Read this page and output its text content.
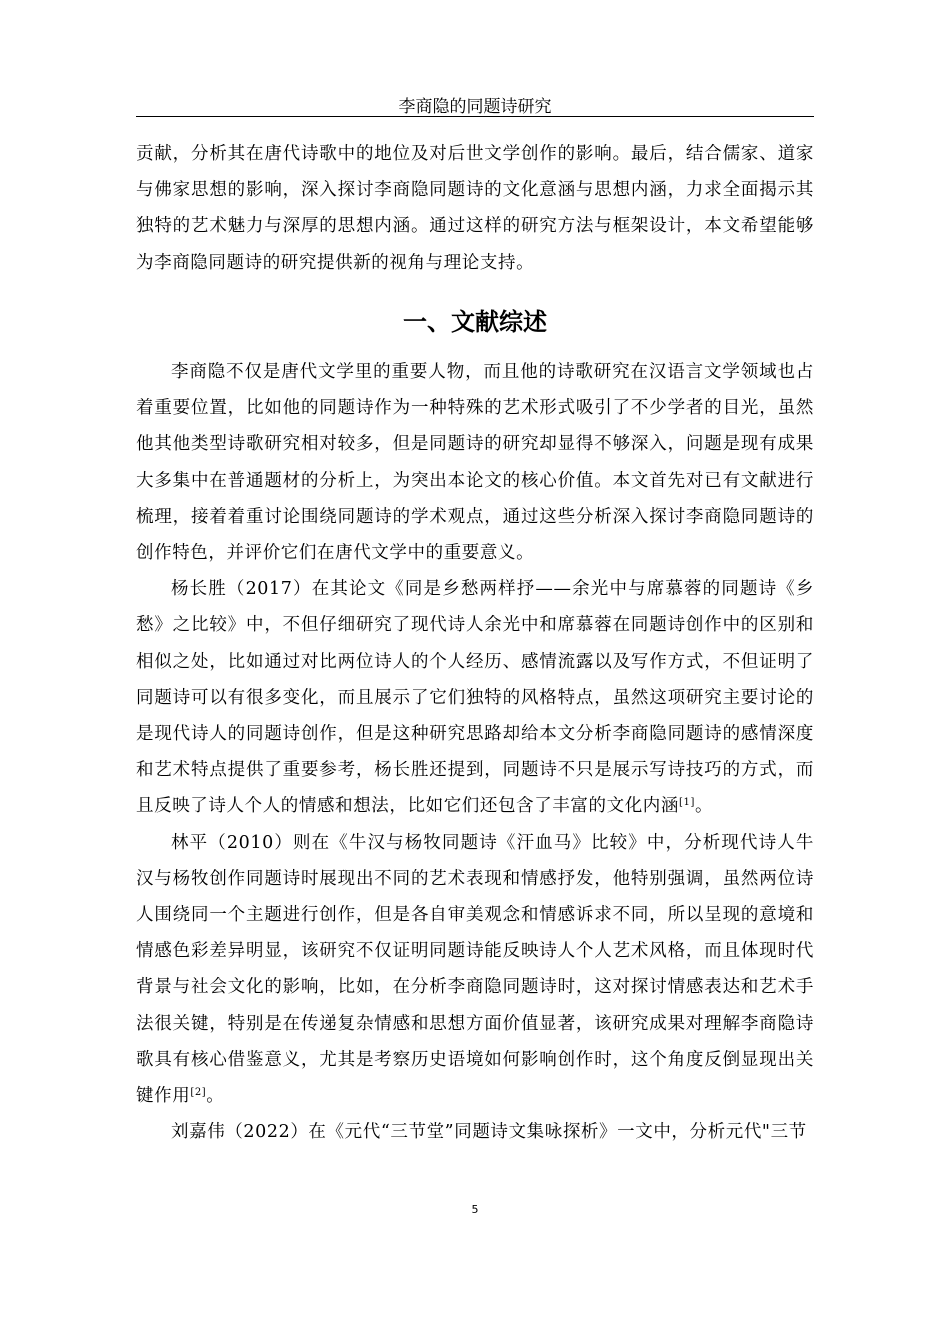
李商隐的同题诗研究

贡献，分析其在唐代诗歌中的地位及对后世文学创作的影响。最后，结合儒家、道家与佛家思想的影响，深入探讨李商隐同题诗的文化意涵与思想内涵，力求全面揭示其独特的艺术魅力与深厚的思想内涵。通过这样的研究方法与框架设计，本文希望能够为李商隐同题诗的研究提供新的视角与理论支持。

一、文献综述

李商隐不仅是唐代文学里的重要人物，而且他的诗歌研究在汉语言文学领域也占着重要位置，比如他的同题诗作为一种特殊的艺术形式吸引了不少学者的目光，虽然他其他类型诗歌研究相对较多，但是同题诗的研究却显得不够深入，问题是现有成果大多集中在普通题材的分析上，为突出本论文的核心价值。本文首先对已有文献进行梳理，接着着重讨论围绕同题诗的学术观点，通过这些分析深入探讨李商隐同题诗的创作特色，并评价它们在唐代文学中的重要意义。

杨长胜（2017）在其论文《同是乡愁两样抒——余光中与席慕蓉的同题诗《乡愁》之比较》中，不但仔细研究了现代诗人余光中和席慕蓉在同题诗创作中的区别和相似之处，比如通过对比两位诗人的个人经历、感情流露以及写作方式，不但证明了同题诗可以有很多变化，而且展示了它们独特的风格特点，虽然这项研究主要讨论的是现代诗人的同题诗创作，但是这种研究思路却给本文分析李商隐同题诗的感情深度和艺术特点提供了重要参考，杨长胜还提到，同题诗不只是展示写诗技巧的方式，而且反映了诗人个人的情感和想法，比如它们还包含了丰富的文化内涵[1]。

林平（2010）则在《牛汉与杨牧同题诗《汗血马》比较》中，分析现代诗人牛汉与杨牧创作同题诗时展现出不同的艺术表现和情感抒发，他特别强调，虽然两位诗人围绕同一个主题进行创作，但是各自审美观念和情感诉求不同，所以呈现的意境和情感色彩差异明显，该研究不仅证明同题诗能反映诗人个人艺术风格，而且体现时代背景与社会文化的影响，比如，在分析李商隐同题诗时，这对探讨情感表达和艺术手法很关键，特别是在传递复杂情感和思想方面价值显著，该研究成果对理解李商隐诗歌具有核心借鉴意义，尤其是考察历史语境如何影响创作时，这个角度反倒显现出关键作用[2]。

刘嘉伟（2022）在《元代“三节堂”同题诗文集咏探析》一文中，分析元代"三节

5
